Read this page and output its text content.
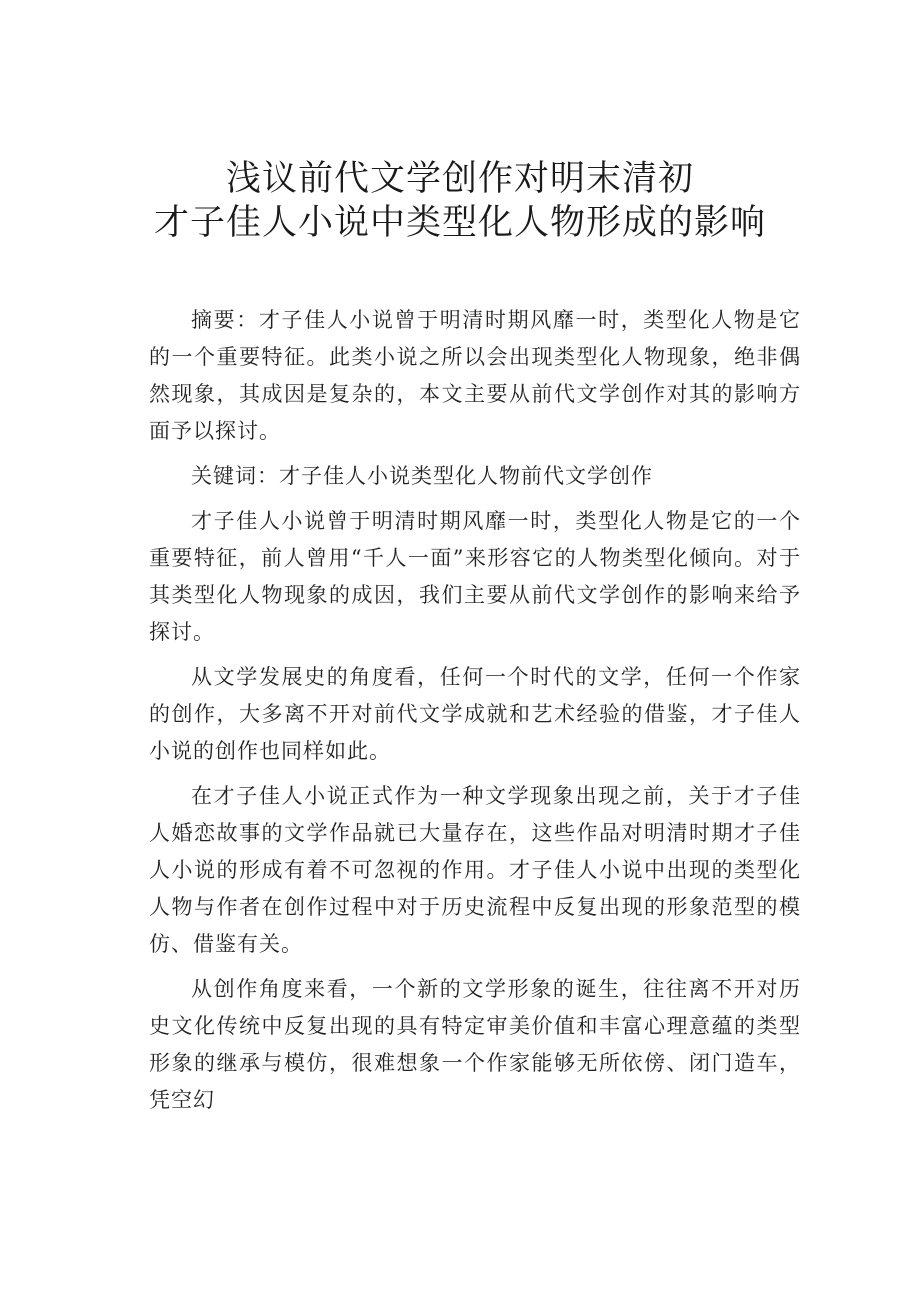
浅议前代文学创作对明末清初
才子佳人小说中类型化人物形成的影响

摘要：才子佳人小说曾于明清时期风靡一时，类型化人物是它的一个重要特征。此类小说之所以会出现类型化人物现象，绝非偶然现象，其成因是复杂的，本文主要从前代文学创作对其的影响方面予以探讨。

关键词：才子佳人小说类型化人物前代文学创作

才子佳人小说曾于明清时期风靡一时，类型化人物是它的一个重要特征，前人曾用“千人一面”来形容它的人物类型化倾向。对于其类型化人物现象的成因，我们主要从前代文学创作的影响来给予探讨。

从文学发展史的角度看，任何一个时代的文学，任何一个作家的创作，大多离不开对前代文学成就和艺术经验的借鉴，才子佳人小说的创作也同样如此。

在才子佳人小说正式作为一种文学现象出现之前，关于才子佳人婚恋故事的文学作品就已大量存在，这些作品对明清时期才子佳人小说的形成有着不可忽视的作用。才子佳人小说中出现的类型化人物与作者在创作过程中对于历史流程中反复出现的形象范型的模仿、借鉴有关。

从创作角度来看，一个新的文学形象的诞生，往往离不开对历史文化传统中反复出现的具有特定审美价值和丰富心理意蕴的类型形象的继承与模仿，很难想象一个作家能够无所依傍、闭门造车，凭空幻
